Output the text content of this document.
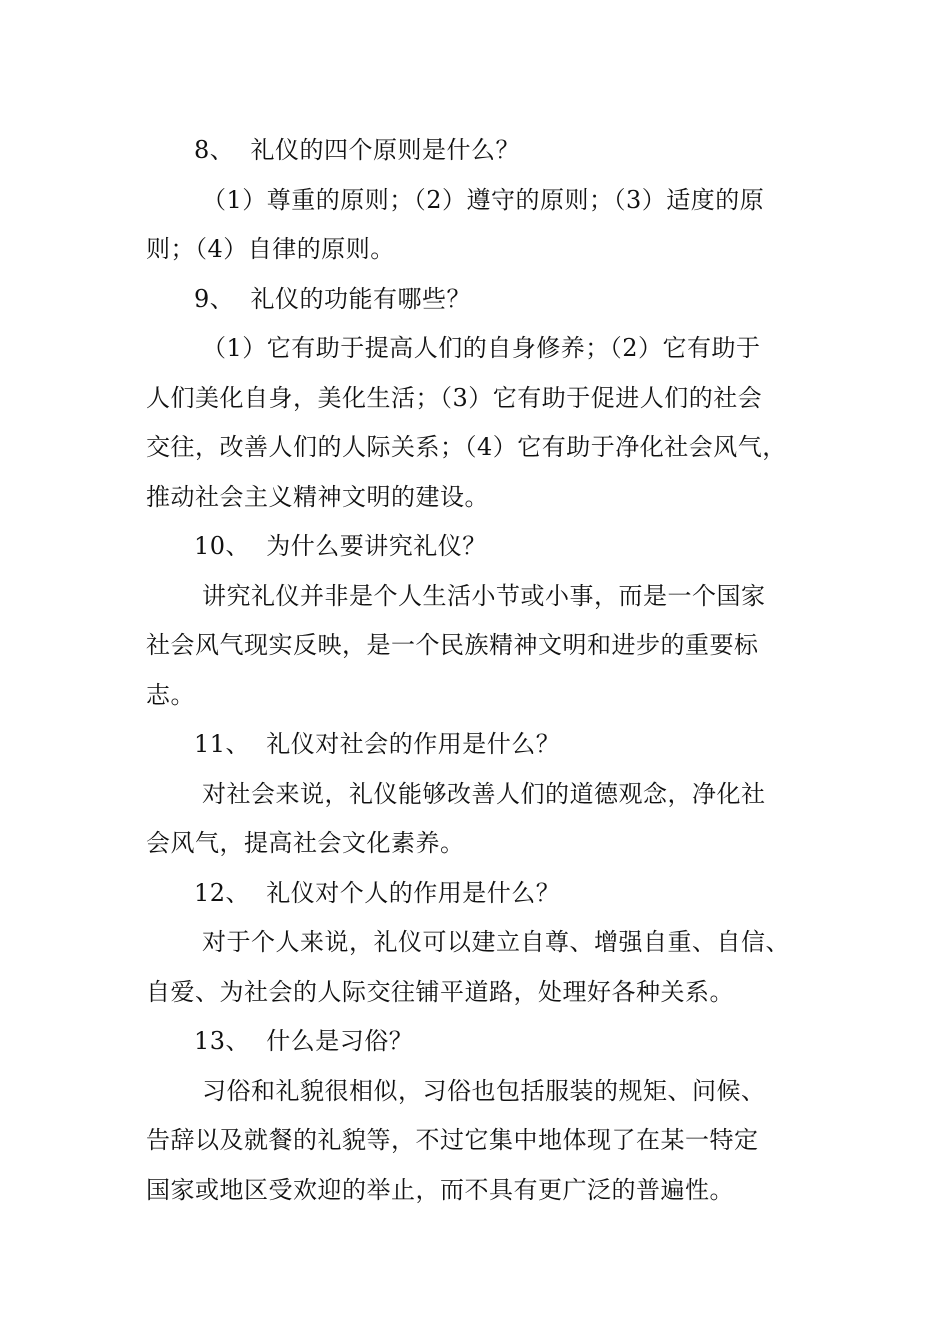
8、  礼仪的四个原则是什么？
（1）尊重的原则；（2）遵守的原则；（3）适度的原
则；（4）自律的原则。
9、  礼仪的功能有哪些？
（1）它有助于提高人们的自身修养；（2）它有助于
人们美化自身，美化生活；（3）它有助于促进人们的社会
交往，改善人们的人际关系；（4）它有助于净化社会风气，
推动社会主义精神文明的建设。
10、  为什么要讲究礼仪？
讲究礼仪并非是个人生活小节或小事，而是一个国家
社会风气现实反映，是一个民族精神文明和进步的重要标
志。
11、  礼仪对社会的作用是什么？
对社会来说，礼仪能够改善人们的道德观念，净化社
会风气，提高社会文化素养。
12、  礼仪对个人的作用是什么？
对于个人来说，礼仪可以建立自尊、增强自重、自信、
自爱、为社会的人际交往铺平道路，处理好各种关系。
13、  什么是习俗？
习俗和礼貌很相似，习俗也包括服装的规矩、问候、
告辞以及就餐的礼貌等，不过它集中地体现了在某一特定
国家或地区受欢迎的举止，而不具有更广泛的普遍性。
